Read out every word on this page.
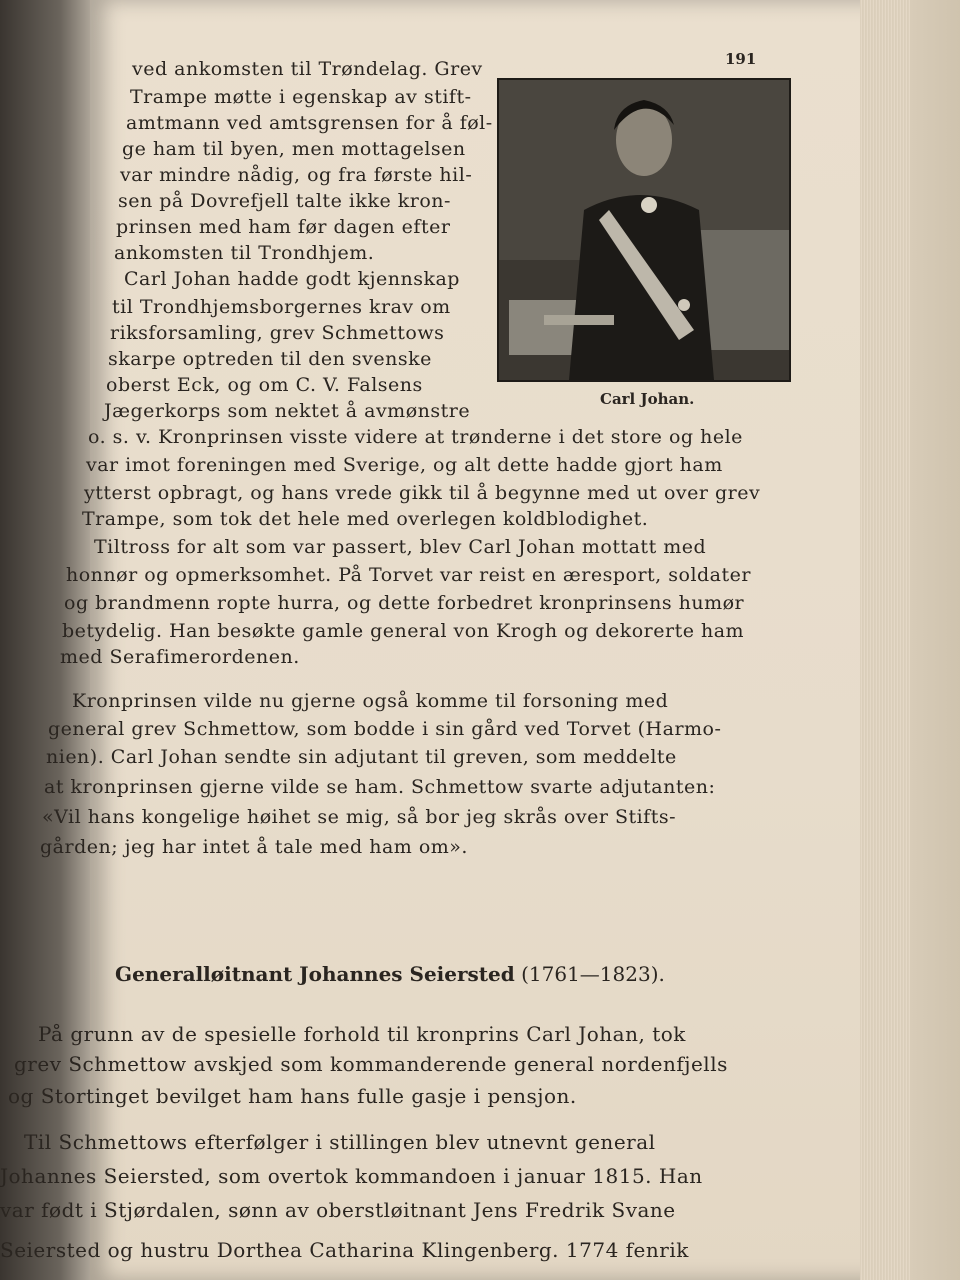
191
Carl Johan.
ved ankomsten til Trøndelag. Grev
Trampe møtte i egenskap av stift-
amtmann ved amtsgrensen for å føl-
ge ham til byen, men mottagelsen
var mindre nådig, og fra første hil-
sen på Dovrefjell talte ikke kron-
prinsen med ham før dagen efter
ankomsten til Trondhjem.
Carl Johan hadde godt kjennskap
til Trondhjemsborgernes krav om
riksforsamling, grev Schmettows
skarpe optreden til den svenske
oberst Eck, og om C. V. Falsens
Jægerkorps som nektet å avmønstre
o. s. v. Kronprinsen visste videre at trønderne i det store og hele
var imot foreningen med Sverige, og alt dette hadde gjort ham
ytterst opbragt, og hans vrede gikk til å begynne med ut over grev
Trampe, som tok det hele med overlegen koldblodighet.
Tiltross for alt som var passert, blev Carl Johan mottatt med
honnør og opmerksomhet. På Torvet var reist en æresport, soldater
og brandmenn ropte hurra, og dette forbedret kronprinsens humør
betydelig. Han besøkte gamle general von Krogh og dekorerte ham
med Serafimerordenen.
Kronprinsen vilde nu gjerne også komme til forsoning med
general grev Schmettow, som bodde i sin gård ved Torvet (Harmo-
nien). Carl Johan sendte sin adjutant til greven, som meddelte
at kronprinsen gjerne vilde se ham. Schmettow svarte adjutanten:
«Vil hans kongelige høihet se mig, så bor jeg skrås over Stifts-
gården; jeg har intet å tale med ham om».
Generalløitnant Johannes Seiersted (1761—1823).
På grunn av de spesielle forhold til kronprins Carl Johan, tok
grev Schmettow avskjed som kommanderende general nordenfjells
og Stortinget bevilget ham hans fulle gasje i pensjon.
Til Schmettows efterfølger i stillingen blev utnevnt general
Johannes Seiersted, som overtok kommandoen i januar 1815. Han
var født i Stjørdalen, sønn av oberstløitnant Jens Fredrik Svane
Seiersted og hustru Dorthea Catharina Klingenberg. 1774 fenrik
